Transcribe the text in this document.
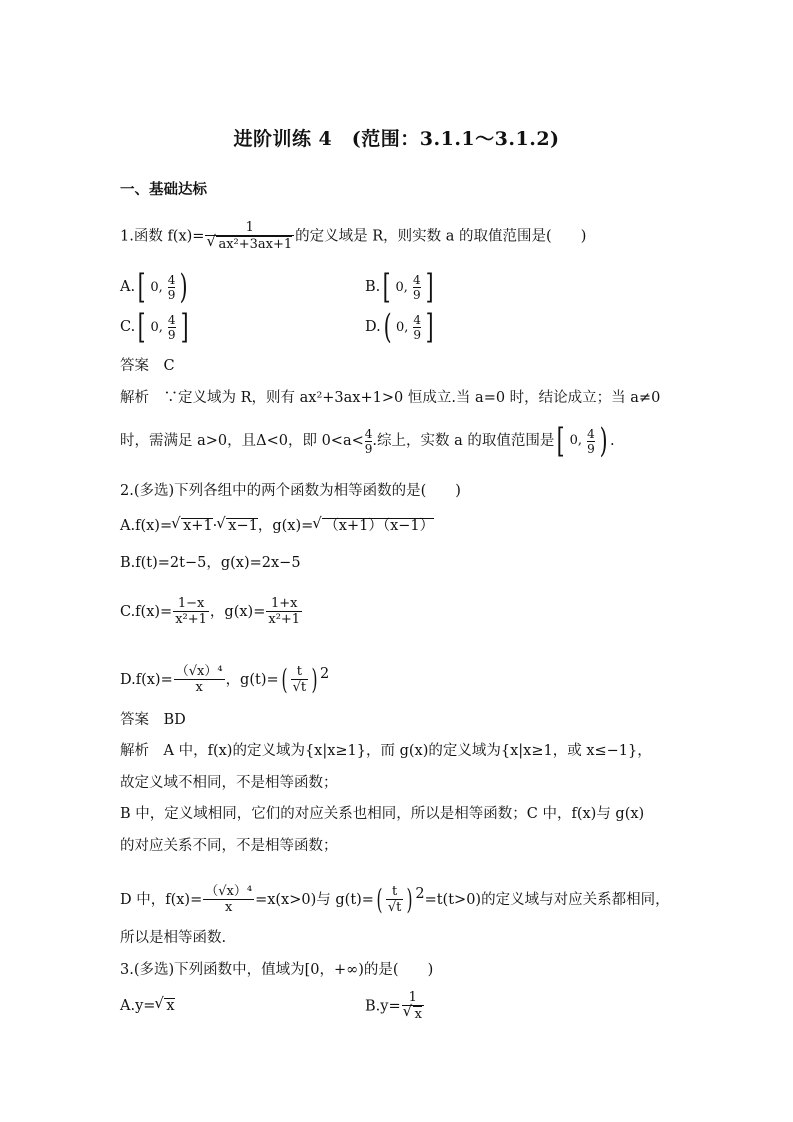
进阶训练 4　(范围：3.1.1～3.1.2)
一、基础达标
1.函数 f(x)= 1
√ ax²+3ax+1 的定义域是 R，则实数 a 的取值范围是(　　)
A. [ 0, 4
9 )	B. [ 0, 4
9 ]
C. [ 0, 4
9 ]	D. ( 0, 4
9 ]
答案　 C
解析　 ∵定义域为 R，则有 ax²+3ax+1>0 恒成立.当 a=0 时，结论成立；当 a≠0
时，需满足 a>0，且Δ<0，即 $0<a< \frac{4}{9}$ .综上，实数 a 的取值范围是 [ 0, 4
9 ) .
2.(多选)下列各组中的两个函数为相等函数的是(　　)
A.f(x)= √ x+1· √ x−1，g(x)= √ （x+1）（x−1）
B.f(t)=2t−5，g(x)=2x−5
$C.f(x)= \frac{1-x}{\text{x²+1}}$ ，$g(x)= \frac{1+x}{\text{x²+1}}$
$D.f(x)= \frac{\text{（√x）⁴}}{x}$ ，$g(t)=( \frac{t}{√t}$ ) 2
答案　 BD
解析　 A 中，f(x)的定义域为{x|x≥1}，而 g(x)的定义域为{x|x≥1，或 x≤−1}，
故定义域不相同，不是相等函数；
B 中，定义域相同，它们的对应关系也相同，所以是相等函数；C 中，f(x)与 g(x)
的对应关系不同，不是相等函数；
D 中，$f(x)= \frac{\text{（√x）⁴}}{x} =x(x>0)$与 $g(t)=( \frac{t}{√t}$ ) 2=t(t>0)的定义域与对应关系都相同，
所以是相等函数.
3.(多选)下列函数中，值域为[0，+∞)的是(　　)
A.y= √ x	B.y= 1
√ x
